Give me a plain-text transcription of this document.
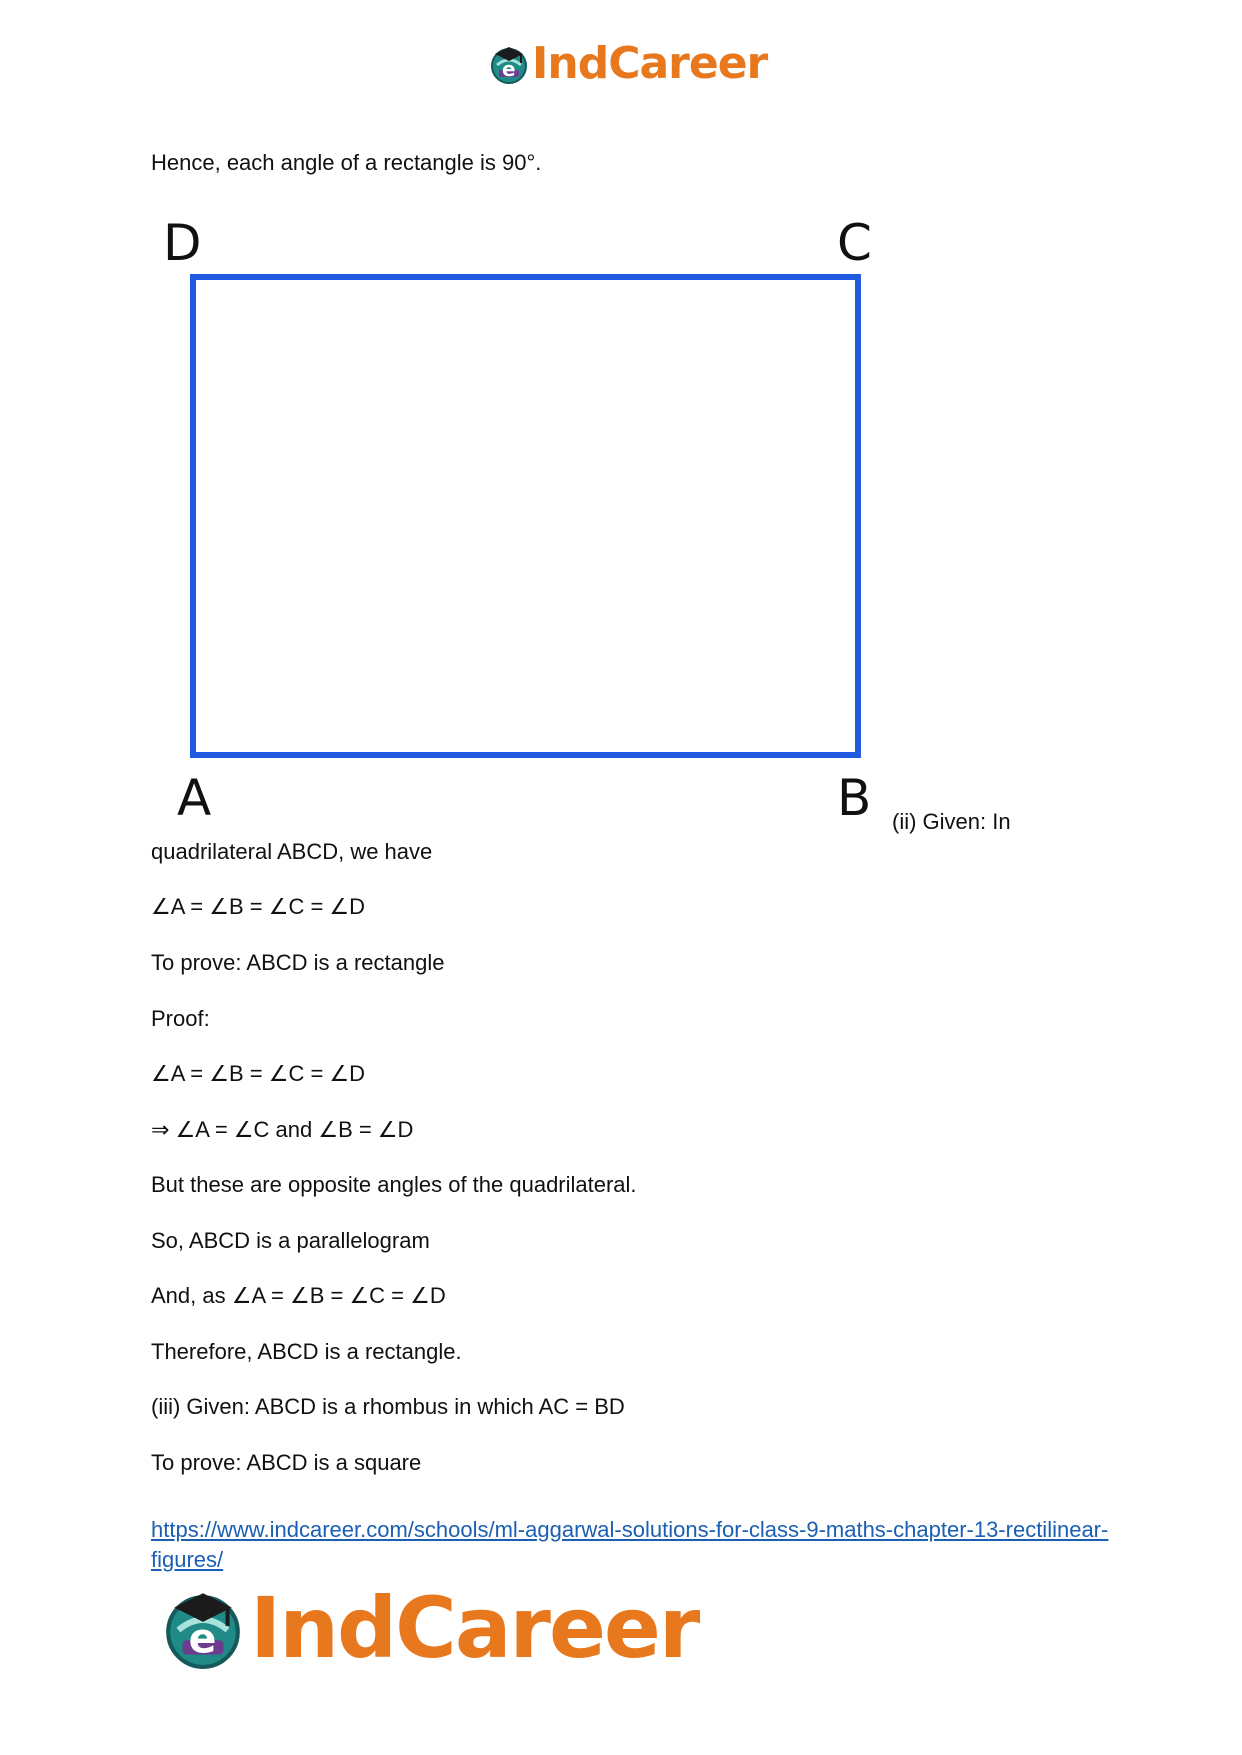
e IndCareer

Hence, each angle of a rectangle is 90°.

D	C
A	B (ii) Given: In

quadrilateral ABCD, we have

∠A = ∠B = ∠C = ∠D

To prove: ABCD is a rectangle

Proof:

∠A = ∠B = ∠C = ∠D

⇒ ∠A = ∠C and ∠B = ∠D

But these are opposite angles of the quadrilateral.

So, ABCD is a parallelogram

And, as ∠A = ∠B = ∠C = ∠D

Therefore, ABCD is a rectangle.

(iii) Given: ABCD is a rhombus in which AC = BD

To prove: ABCD is a square

https://www.indcareer.com/schools/ml-aggarwal-solutions-for-class-9-maths-chapter-13-rectilinear-figures/
e IndCareer
